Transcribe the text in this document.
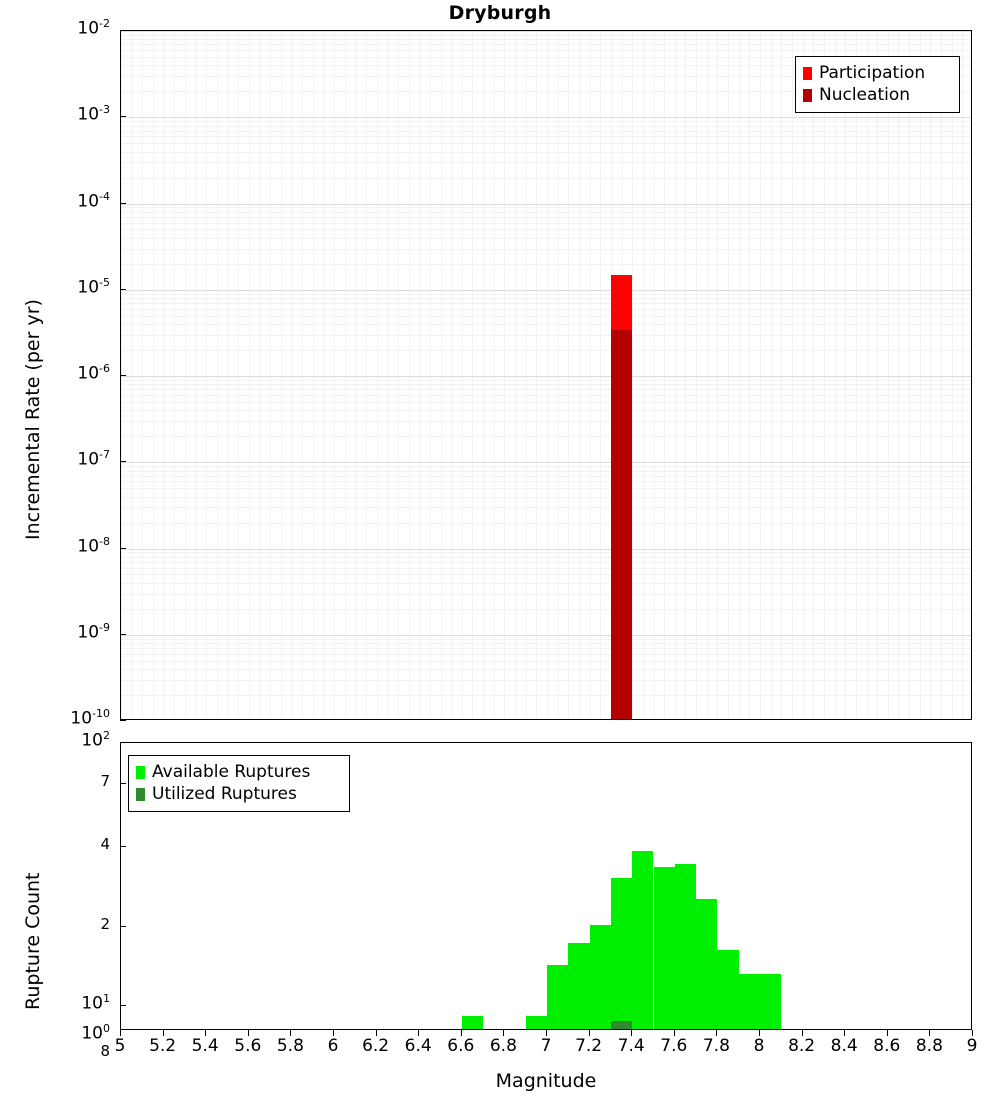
Dryburgh
Incremental Rate (per yr)
$10^{-2}$
$10^{-3}$
$10^{-4}$
$10^{-5}$
$10^{-6}$
$10^{-7}$
$10^{-8}$
$10^{-9}$
$10^{-10}$
Participation
Nucleation
Rupture Count
$10^2$
7
4
2
$10^1$
$10^0$
8 5	5.2 5.4 5.6 5.8	6	6.2 6.4 6.6 6.8	7	7.2 7.4 7.6 7.8	8	8.2 8.4 8.6 8.8	9
Available Ruptures
Utilized Ruptures
Magnitude
